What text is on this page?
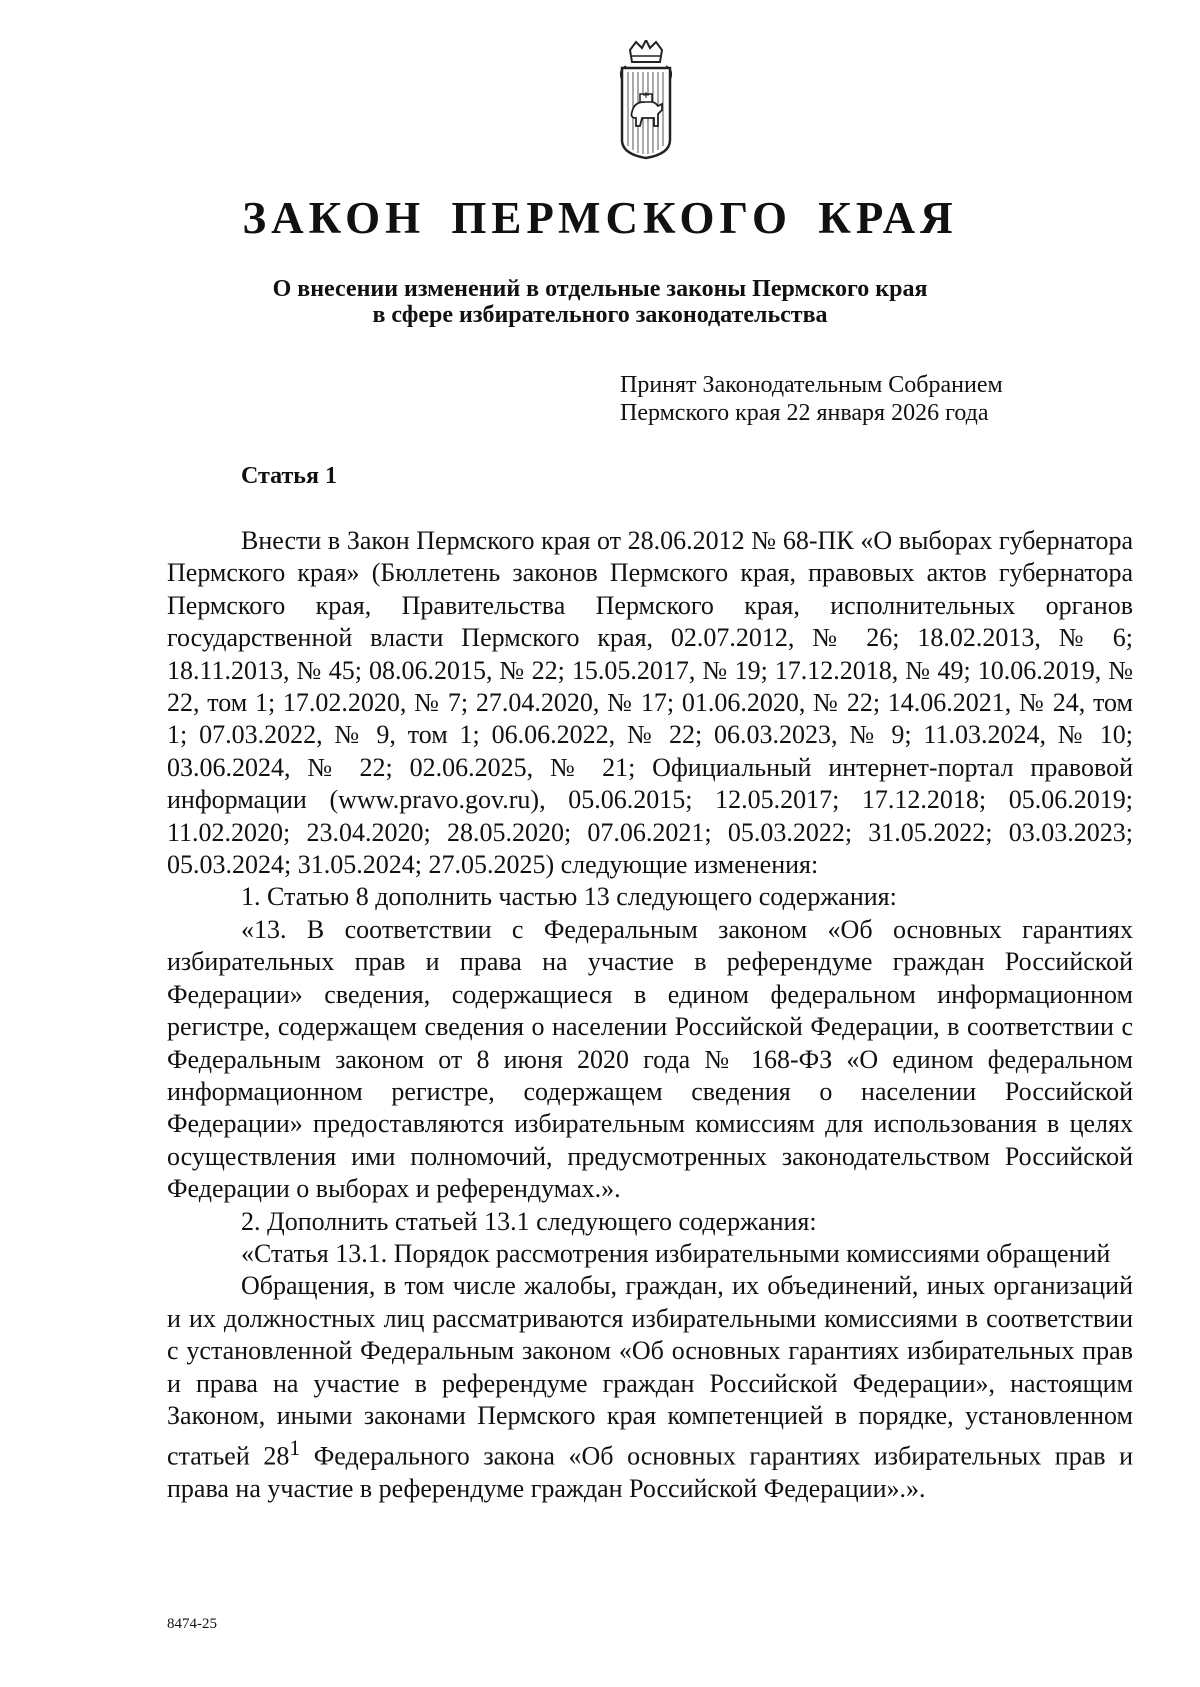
ЗАКОН ПЕРМСКОГО КРАЯ
О внесении изменений в отдельные законы Пермского края
в сфере избирательного законодательства
Принят Законодательным Собранием
Пермского края 22 января 2026 года
Статья 1

Внести в Закон Пермского края от 28.06.2012 № 68-ПК «О выборах губернатора Пермского края» (Бюллетень законов Пермского края, правовых актов губернатора Пермского края, Правительства Пермского края, исполнительных органов государственной власти Пермского края, 02.07.2012, № 26; 18.02.2013, № 6; 18.11.2013, № 45; 08.06.2015, № 22; 15.05.2017, № 19; 17.12.2018, № 49; 10.06.2019, № 22, том 1; 17.02.2020, № 7; 27.04.2020, № 17; 01.06.2020, № 22; 14.06.2021, № 24, том 1; 07.03.2022, № 9, том 1; 06.06.2022, № 22; 06.03.2023, № 9; 11.03.2024, № 10; 03.06.2024, № 22; 02.06.2025, № 21; Официальный интернет-портал правовой информации (www.pravo.gov.ru), 05.06.2015; 12.05.2017; 17.12.2018; 05.06.2019; 11.02.2020; 23.04.2020; 28.05.2020; 07.06.2021; 05.03.2022; 31.05.2022; 03.03.2023; 05.03.2024; 31.05.2024; 27.05.2025) следующие изменения:

1. Статью 8 дополнить частью 13 следующего содержания:

«13. В соответствии с Федеральным законом «Об основных гарантиях избирательных прав и права на участие в референдуме граждан Российской Федерации» сведения, содержащиеся в едином федеральном информационном регистре, содержащем сведения о населении Российской Федерации, в соответствии с Федеральным законом от 8 июня 2020 года № 168-ФЗ «О едином федеральном информационном регистре, содержащем сведения о населении Российской Федерации» предоставляются избирательным комиссиям для использования в целях осуществления ими полномочий, предусмотренных законодательством Российской Федерации о выборах и референдумах.».

2. Дополнить статьей 13.1 следующего содержания:

«Статья 13.1. Порядок рассмотрения избирательными комиссиями обращений

Обращения, в том числе жалобы, граждан, их объединений, иных организаций и их должностных лиц рассматриваются избирательными комиссиями в соответствии с установленной Федеральным законом «Об основных гарантиях избирательных прав и права на участие в референдуме граждан Российской Федерации», настоящим Законом, иными законами Пермского края компетенцией в порядке, установленном статьей $28^1$ Федерального закона «Об основных гарантиях избирательных прав и права на участие в референдуме граждан Российской Федерации».».

8474-25
